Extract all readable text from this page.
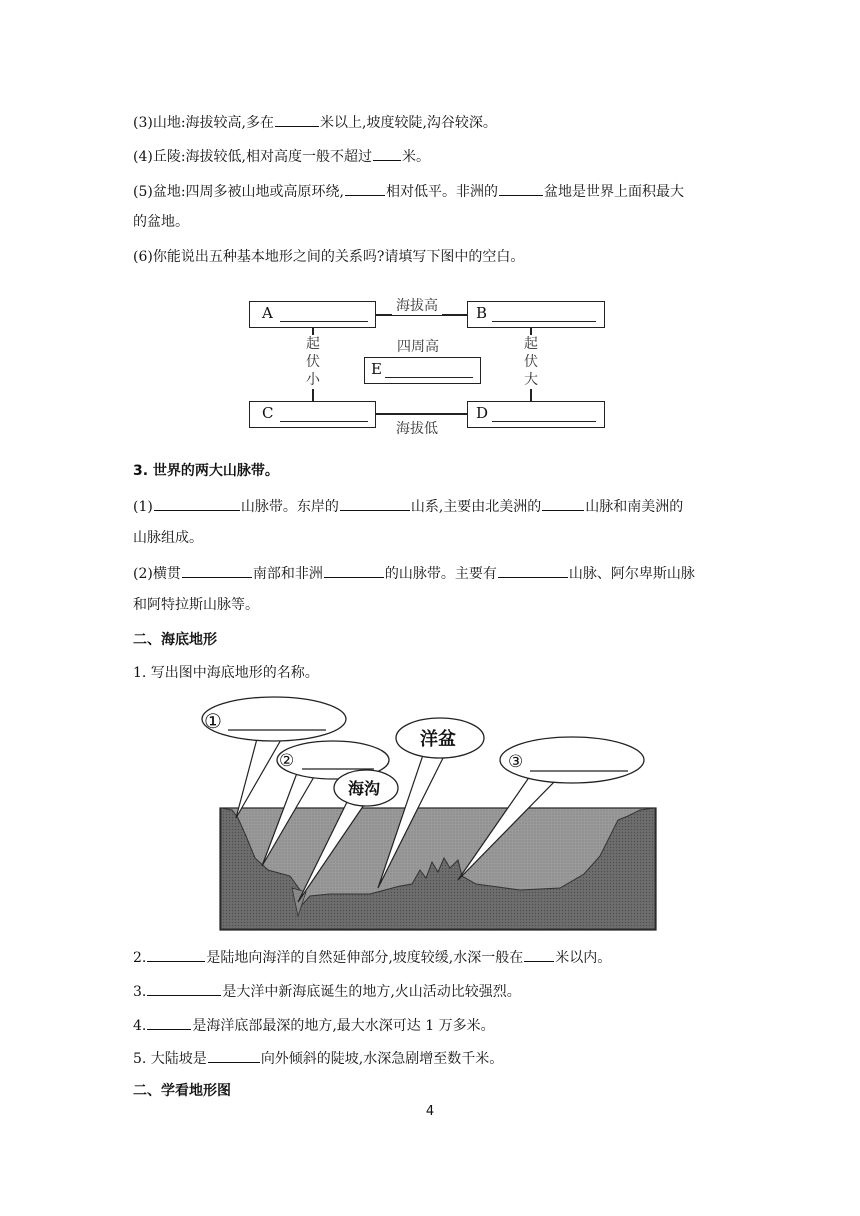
(3)山地:海拔较高,多在	米以上,坡度较陡,沟谷较深。
(4)丘陵:海拔较低,相对高度一般不超过 米。
(5)盆地:四周多被山地或高原环绕,	相对低平。非洲的	盆地是世界上面积最大
的盆地。
(6)你能说出五种基本地形之间的关系吗?请填写下图中的空白。
海拔高
海拔低
起
伏
小
起
伏
大
A	B
E
四周高
C	D
3. 世界的两大山脉带。
(1)	山脉带。东岸的	山系,主要由北美洲的	山脉和南美洲的
山脉组成。
(2)横贯	南部和非洲	的山脉带。主要有	山脉、阿尔卑斯山脉
和阿特拉斯山脉等。
二、海底地形
1. 写出图中海底地形的名称。
①
②	③
洋盆
海沟
2.	是陆地向海洋的自然延伸部分,坡度较缓,水深一般在 米以内。
3.	是大洋中新海底诞生的地方,火山活动比较强烈。
4.	是海洋底部最深的地方,最大水深可达 1 万多米。
5. 大陆坡是	向外倾斜的陡坡,水深急剧增至数千米。
二、学看地形图
4
